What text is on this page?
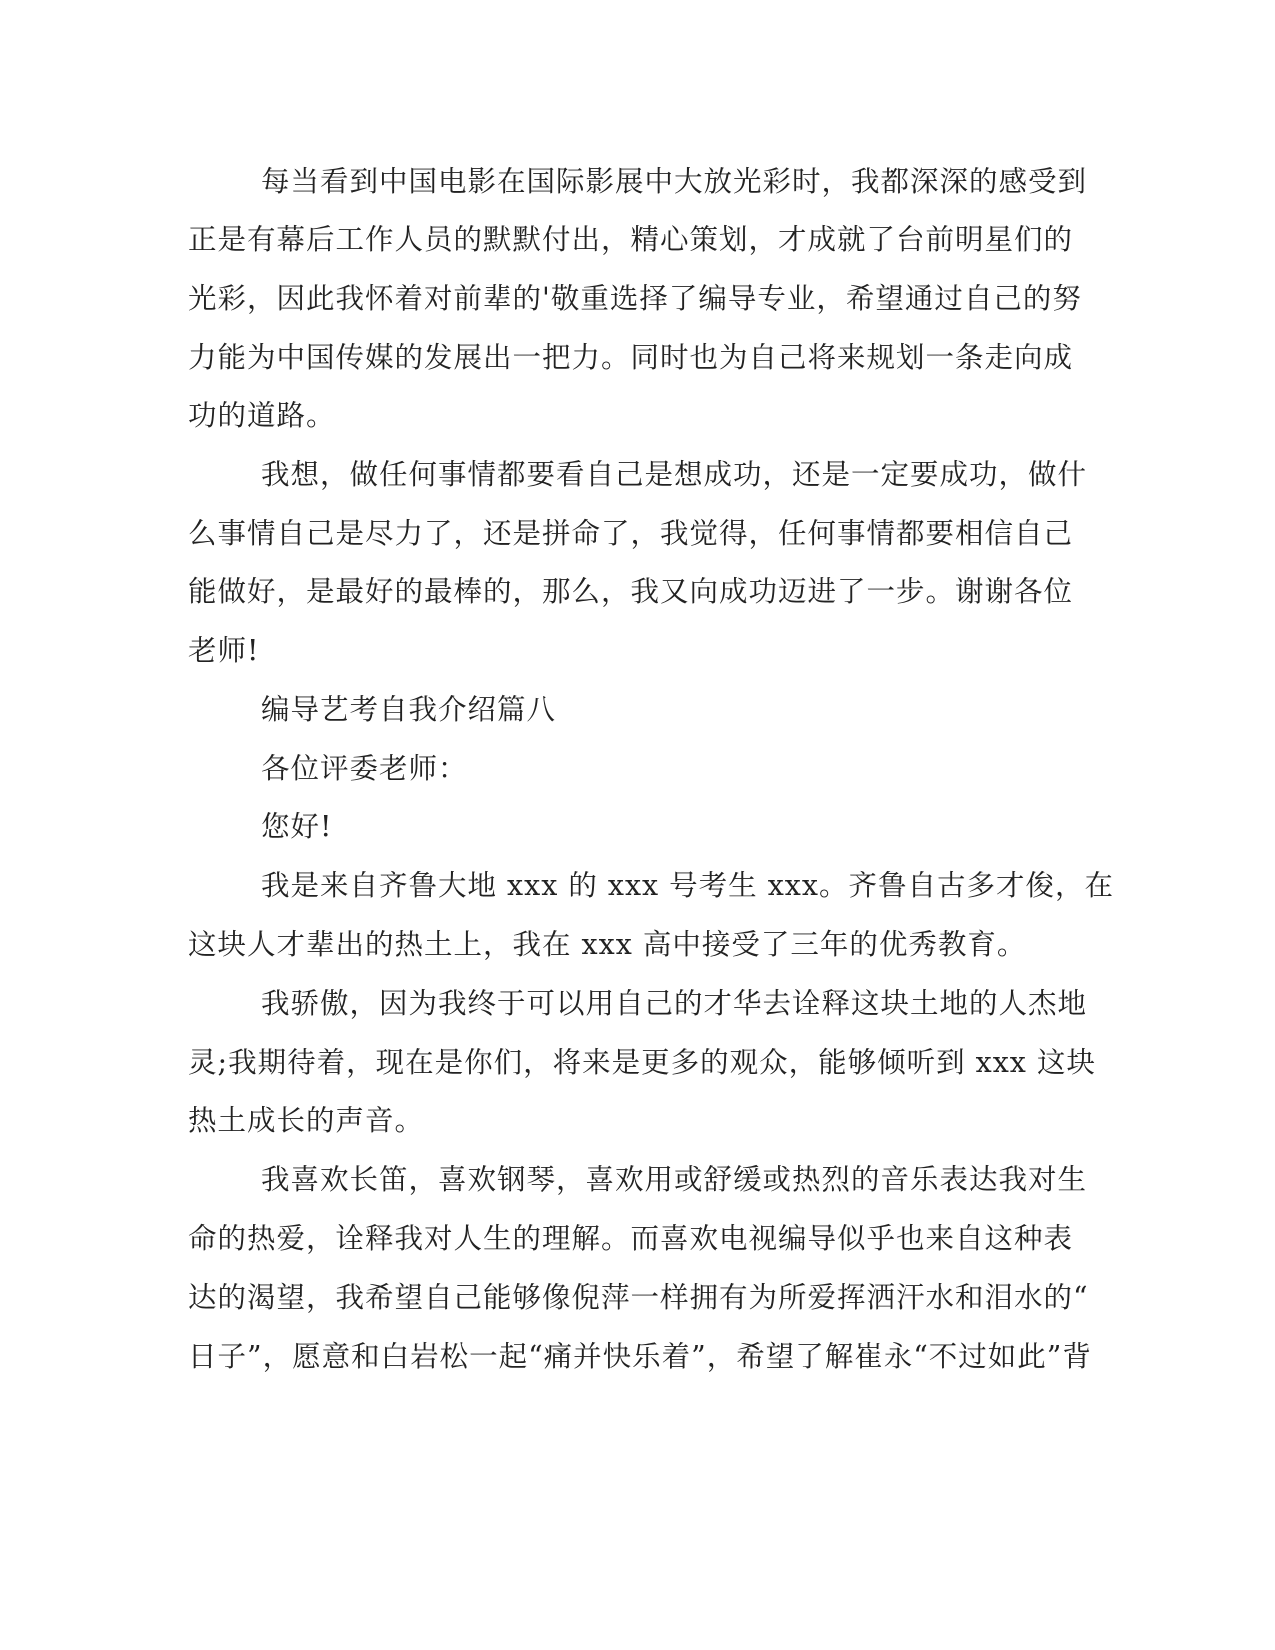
每当看到中国电影在国际影展中大放光彩时，我都深深的感受到
正是有幕后工作人员的默默付出，精心策划，才成就了台前明星们的
光彩，因此我怀着对前辈的'敬重选择了编导专业，希望通过自己的努
力能为中国传媒的发展出一把力。同时也为自己将来规划一条走向成
功的道路。
我想，做任何事情都要看自己是想成功，还是一定要成功，做什
么事情自己是尽力了，还是拼命了，我觉得，任何事情都要相信自己
能做好，是最好的最棒的，那么，我又向成功迈进了一步。谢谢各位
老师!
编导艺考自我介绍篇八
各位评委老师：
您好!
我是来自齐鲁大地 xxx 的 xxx 号考生 xxx。齐鲁自古多才俊，在
这块人才辈出的热土上，我在 xxx 高中接受了三年的优秀教育。
我骄傲，因为我终于可以用自己的才华去诠释这块土地的人杰地
灵;我期待着，现在是你们，将来是更多的观众，能够倾听到 xxx 这块
热土成长的声音。
我喜欢长笛，喜欢钢琴，喜欢用或舒缓或热烈的音乐表达我对生
命的热爱，诠释我对人生的理解。而喜欢电视编导似乎也来自这种表
达的渴望，我希望自己能够像倪萍一样拥有为所爱挥洒汗水和泪水的“
日子”，愿意和白岩松一起“痛并快乐着”，希望了解崔永“不过如此”背
